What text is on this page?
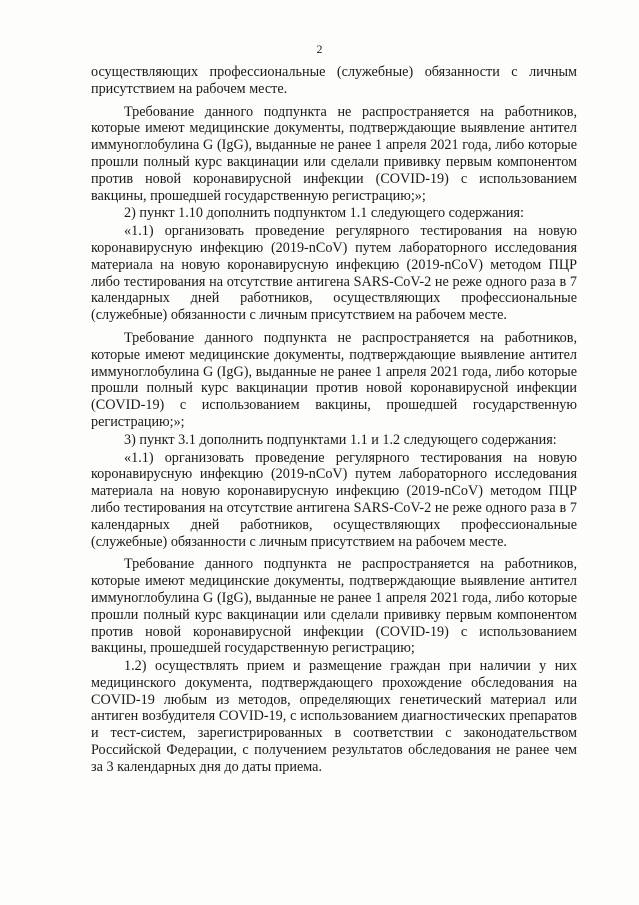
2

осуществляющих профессиональные (служебные) обязанности с личным присутствием на рабочем месте.

Требование данного подпункта не распространяется на работников, которые имеют медицинские документы, подтверждающие выявление антител иммуноглобулина G (IgG), выданные не ранее 1 апреля 2021 года, либо которые прошли полный курс вакцинации или сделали прививку первым компонентом против новой коронавирусной инфекции (COVID-19) с использованием вакцины, прошедшей государственную регистрацию;»;

2) пункт 1.10 дополнить подпунктом 1.1 следующего содержания:

«1.1) организовать проведение регулярного тестирования на новую коронавирусную инфекцию (2019-nCoV) путем лабораторного исследования материала на новую коронавирусную инфекцию (2019-nCoV) методом ПЦР либо тестирования на отсутствие антигена SARS-CoV-2 не реже одного раза в 7 календарных дней работников, осуществляющих профессиональные (служебные) обязанности с личным присутствием на рабочем месте.

Требование данного подпункта не распространяется на работников, которые имеют медицинские документы, подтверждающие выявление антител иммуноглобулина G (IgG), выданные не ранее 1 апреля 2021 года, либо которые прошли полный курс вакцинации против новой коронавирусной инфекции (COVID-19) с использованием вакцины, прошедшей государственную регистрацию;»;

3) пункт 3.1 дополнить подпунктами 1.1 и 1.2 следующего содержания:

«1.1) организовать проведение регулярного тестирования на новую коронавирусную инфекцию (2019-nCoV) путем лабораторного исследования материала на новую коронавирусную инфекцию (2019-nCoV) методом ПЦР либо тестирования на отсутствие антигена SARS-CoV-2 не реже одного раза в 7 календарных дней работников, осуществляющих профессиональные (служебные) обязанности с личным присутствием на рабочем месте.

Требование данного подпункта не распространяется на работников, которые имеют медицинские документы, подтверждающие выявление антител иммуноглобулина G (IgG), выданные не ранее 1 апреля 2021 года, либо которые прошли полный курс вакцинации или сделали прививку первым компонентом против новой коронавирусной инфекции (COVID-19) с использованием вакцины, прошедшей государственную регистрацию;

1.2) осуществлять прием и размещение граждан при наличии у них медицинского документа, подтверждающего прохождение обследования на COVID-19 любым из методов, определяющих генетический материал или антиген возбудителя COVID-19, с использованием диагностических препаратов и тест-систем, зарегистрированных в соответствии с законодательством Российской Федерации, с получением результатов обследования не ранее чем за 3 календарных дня до даты приема.
